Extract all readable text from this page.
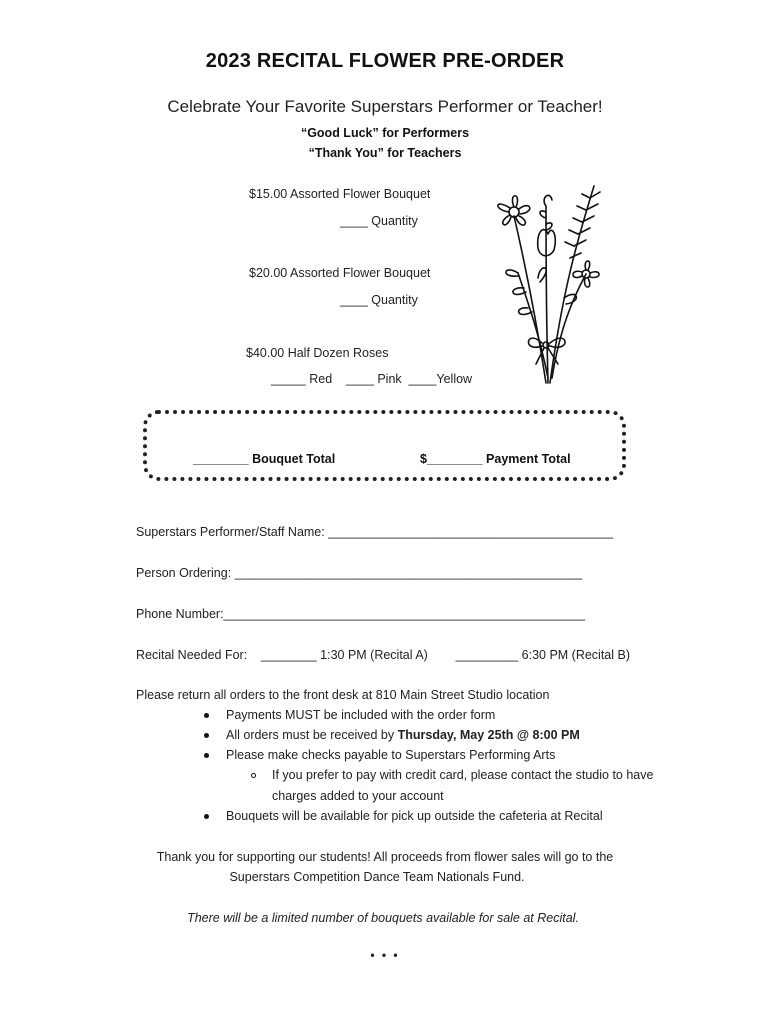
2023 RECITAL FLOWER PRE-ORDER
Celebrate Your Favorite Superstars Performer or Teacher!
“Good Luck” for Performers
“Thank You” for Teachers
$15.00 Assorted Flower Bouquet
____ Quantity
$20.00 Assorted Flower Bouquet
____ Quantity
$40.00 Half Dozen Roses
_____ Red    ____ Pink  ____Yellow
________ Bouquet Total	$________ Payment Total
Superstars Performer/Staff Name: _________________________________________
Person Ordering: __________________________________________________
Phone Number:____________________________________________________
Recital Needed For:    ________ 1:30 PM (Recital A)        _________ 6:30 PM (Recital B)
Please return all orders to the front desk at 810 Main Street Studio location
Payments MUST be included with the order form
All orders must be received by Thursday, May 25th @ 8:00 PM
Please make checks payable to Superstars Performing Arts
If you prefer to pay with credit card, please contact the studio to have
charges added to your account
Bouquets will be available for pick up outside the cafeteria at Recital
Thank you for supporting our students! All proceeds from flower sales will go to the
Superstars Competition Dance Team Nationals Fund.
There will be a limited number of bouquets available for sale at Recital.
• • •
